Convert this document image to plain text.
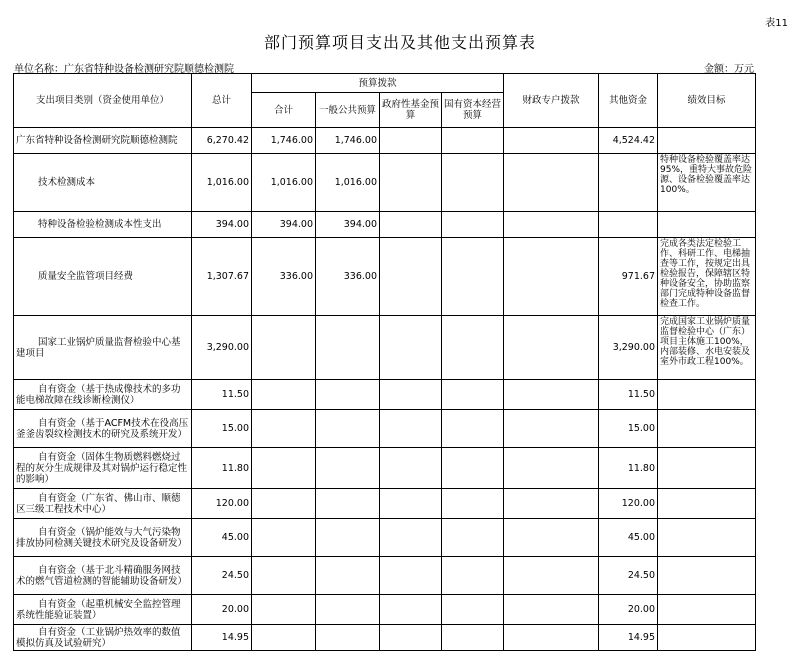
表11
部门预算项目支出及其他支出预算表
单位名称：广东省特种设备检测研究院顺德检测院	金额：万元
支出项目类别（资金使用单位）	总计	预算拨款				财政专户拨款	其他资金	绩效目标
		合计	一般公共预算	政府性基金预算	国有资本经营预算			
广东省特种设备检测研究院顺德检测院	6,270.42	1,746.00	1,746.00				4,524.42	
技术检测成本	1,016.00	1,016.00	1,016.00					特种设备检验覆盖率达95%，重特大事故危险源、设备检验覆盖率达100%。
特种设备检验检测成本性支出	394.00	394.00	394.00					
质量安全监管项目经费	1,307.67	336.00	336.00				971.67	完成各类法定检验工作、科研工作、电梯抽查等工作，按规定出具检验报告，保障辖区特种设备安全，协助监察部门完成特种设备监督检查工作。
国家工业锅炉质量监督检验中心基建项目	3,290.00						3,290.00	完成国家工业锅炉质量监督检验中心（广东）项目主体施工100%，内部装修、水电安装及室外市政工程100%。
自有资金（基于热成像技术的多功能电梯故障在线诊断检测仪）	11.50						11.50	
自有资金（基于ACFM技术在役高压釜釜齿裂纹检测技术的研究及系统开发）	15.00						15.00	
自有资金（固体生物质燃料燃烧过程的灰分生成规律及其对锅炉运行稳定性的影响）	11.80						11.80	
自有资金（广东省、佛山市、顺德区三级工程技术中心）	120.00						120.00	
自有资金（锅炉能效与大气污染物排放协同检测关键技术研究及设备研发）	45.00						45.00	
自有资金（基于北斗精确服务网技术的燃气管道检测的智能辅助设备研发）	24.50						24.50	
自有资金（起重机械安全监控管理系统性能验证装置）	20.00						20.00	
自有资金（工业锅炉热效率的数值模拟仿真及试验研究）	14.95						14.95	
